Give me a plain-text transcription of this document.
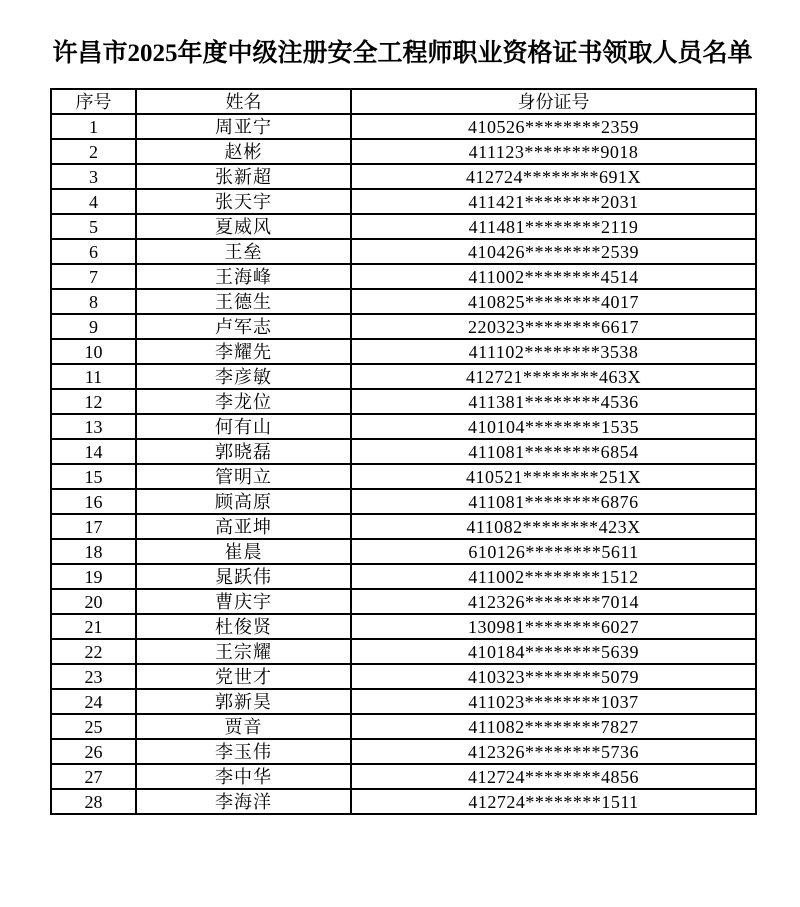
许昌市2025年度中级注册安全工程师职业资格证书领取人员名单
序号	姓名	身份证号
1	周亚宁	410526********2359
2	赵彬	411123********9018
3	张新超	412724********691X
4	张天宇	411421********2031
5	夏威风	411481********2119
6	王垒	410426********2539
7	王海峰	411002********4514
8	王德生	410825********4017
9	卢军志	220323********6617
10	李耀先	411102********3538
11	李彦敏	412721********463X
12	李龙位	411381********4536
13	何有山	410104********1535
14	郭晓磊	411081********6854
15	管明立	410521********251X
16	顾高原	411081********6876
17	高亚坤	411082********423X
18	崔晨	610126********5611
19	晁跃伟	411002********1512
20	曹庆宇	412326********7014
21	杜俊贤	130981********6027
22	王宗耀	410184********5639
23	党世才	410323********5079
24	郭新昊	411023********1037
25	贾音	411082********7827
26	李玉伟	412326********5736
27	李中华	412724********4856
28	李海洋	412724********1511
